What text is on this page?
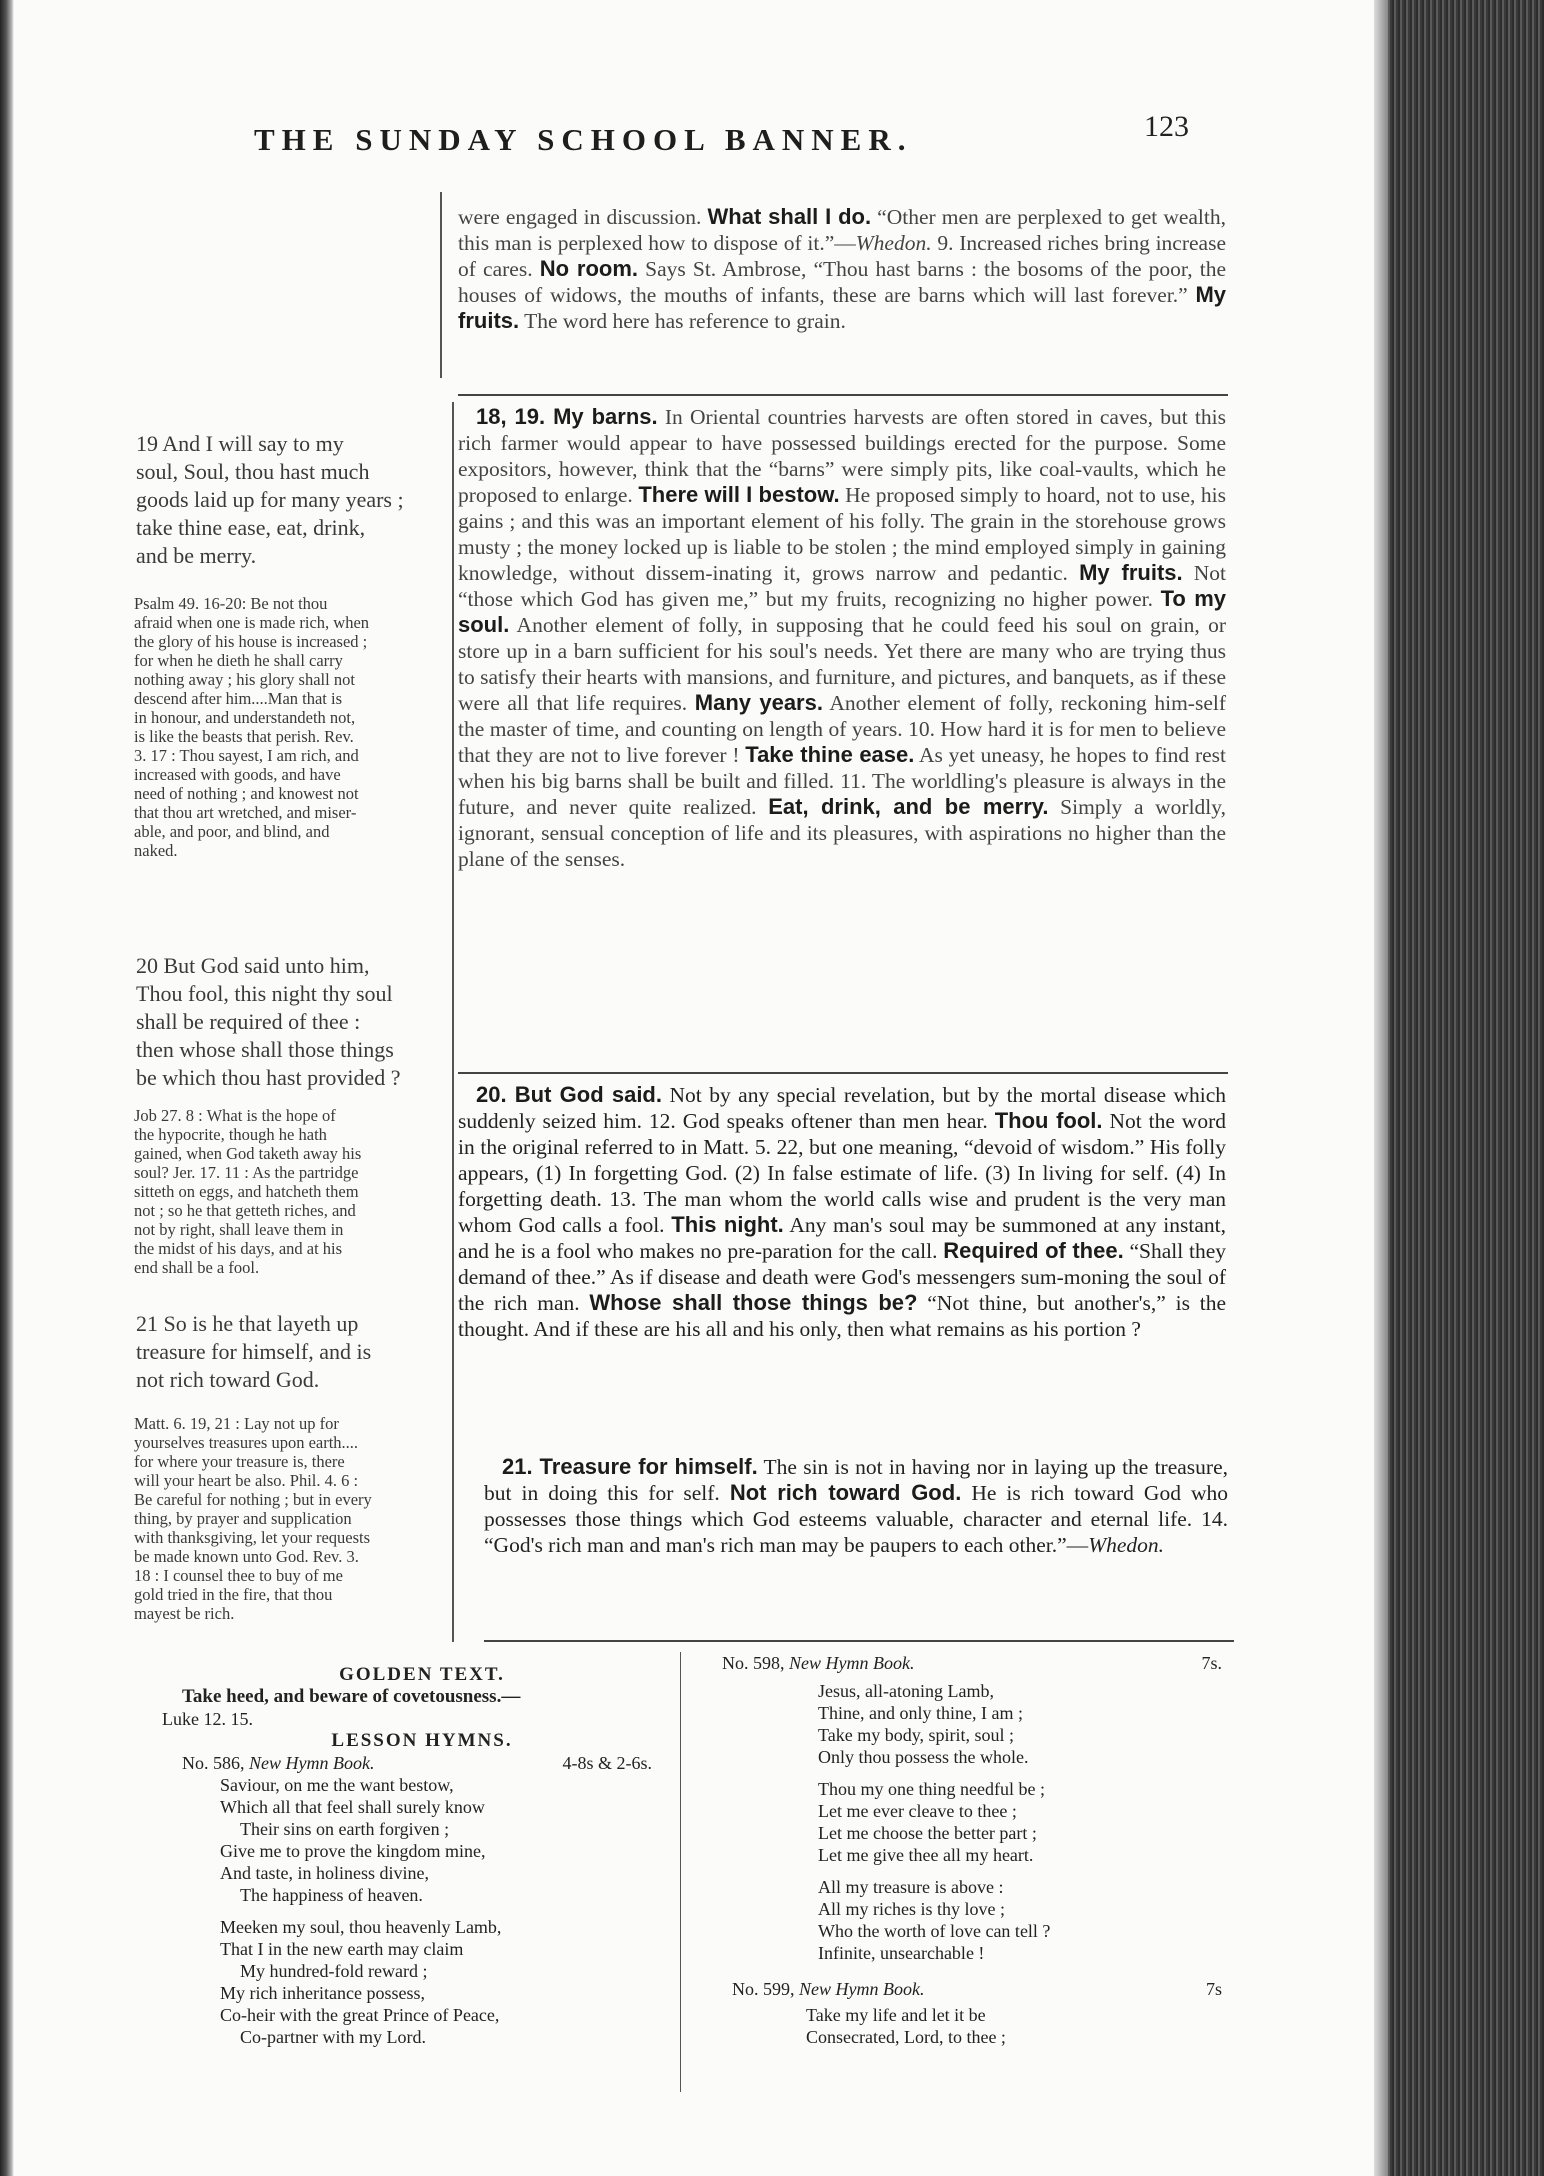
THE SUNDAY SCHOOL BANNER.	123
19 And I will say to my
soul, Soul, thou hast much
goods laid up for many years ;
take thine ease, eat, drink,
and be merry.
Psalm 49. 16-20: Be not thou
afraid when one is made rich, when
the glory of his house is increased ;
for when he dieth he shall carry
nothing away ; his glory shall not
descend after him....Man that is
in honour, and understandeth not,
is like the beasts that perish. Rev.
3. 17 : Thou sayest, I am rich, and
increased with goods, and have
need of nothing ; and knowest not
that thou art wretched, and miser-
able, and poor, and blind, and
naked.
20 But God said unto him,
Thou fool, this night thy soul
shall be required of thee :
then whose shall those things
be which thou hast provided ?
Job 27. 8 : What is the hope of
the hypocrite, though he hath
gained, when God taketh away his
soul? Jer. 17. 11 : As the partridge
sitteth on eggs, and hatcheth them
not ; so he that getteth riches, and
not by right, shall leave them in
the midst of his days, and at his
end shall be a fool.
21 So is he that layeth up
treasure for himself, and is
not rich toward God.
Matt. 6. 19, 21 : Lay not up for
yourselves treasures upon earth....
for where your treasure is, there
will your heart be also. Phil. 4. 6 :
Be careful for nothing ; but in every
thing, by prayer and supplication
with thanksgiving, let your requests
be made known unto God. Rev. 3.
18 : I counsel thee to buy of me
gold tried in the fire, that thou
mayest be rich.

were engaged in discussion. What shall I do. “Other men are perplexed to get wealth, this man is perplexed how to dispose of it.”—Whedon. 9. Increased riches bring increase of cares. No room. Says St. Ambrose, “Thou hast barns : the bosoms of the poor, the houses of widows, the mouths of infants, these are barns which will last forever.” My fruits. The word here has reference to grain.

18, 19. My barns. In Oriental countries harvests are often stored in caves, but this rich farmer would appear to have possessed buildings erected for the purpose. Some expositors, however, think that the “barns” were simply pits, like coal-vaults, which he proposed to enlarge. There will I bestow. He proposed simply to hoard, not to use, his gains ; and this was an important element of his folly. The grain in the storehouse grows musty ; the money locked up is liable to be stolen ; the mind employed simply in gaining knowledge, without dissem-inating it, grows narrow and pedantic. My fruits. Not “those which God has given me,” but my fruits, recognizing no higher power. To my soul. Another element of folly, in supposing that he could feed his soul on grain, or store up in a barn sufficient for his soul's needs. Yet there are many who are trying thus to satisfy their hearts with mansions, and furniture, and pictures, and banquets, as if these were all that life requires. Many years. Another element of folly, reckoning him-self the master of time, and counting on length of years. 10. How hard it is for men to believe that they are not to live forever ! Take thine ease. As yet uneasy, he hopes to find rest when his big barns shall be built and filled. 11. The worldling's pleasure is always in the future, and never quite realized. Eat, drink, and be merry. Simply a worldly, ignorant, sensual conception of life and its pleasures, with aspirations no higher than the plane of the senses.

20. But God said. Not by any special revelation, but by the mortal disease which suddenly seized him. 12. God speaks oftener than men hear. Thou fool. Not the word in the original referred to in Matt. 5. 22, but one meaning, “devoid of wisdom.” His folly appears, (1) In forgetting God. (2) In false estimate of life. (3) In living for self. (4) In forgetting death. 13. The man whom the world calls wise and prudent is the very man whom God calls a fool. This night. Any man's soul may be summoned at any instant, and he is a fool who makes no pre-paration for the call. Required of thee. “Shall they demand of thee.” As if disease and death were God's messengers sum-moning the soul of the rich man. Whose shall those things be? “Not thine, but another's,” is the thought. And if these are his all and his only, then what remains as his portion ?

21. Treasure for himself. The sin is not in having nor in laying up the treasure, but in doing this for self. Not rich toward God. He is rich toward God who possesses those things which God esteems valuable, character and eternal life. 14. “God's rich man and man's rich man may be paupers to each other.”—Whedon.

GOLDEN TEXT.
Take heed, and beware of covetousness.—
Luke 12. 15.
LESSON HYMNS.
No. 586, New Hymn Book.	4-8s & 2-6s.
Saviour, on me the want bestow,
Which all that feel shall surely know
Their sins on earth forgiven ;
Give me to prove the kingdom mine,
And taste, in holiness divine,
The happiness of heaven.
Meeken my soul, thou heavenly Lamb,
That I in the new earth may claim
My hundred-fold reward ;
My rich inheritance possess,
Co-heir with the great Prince of Peace,
Co-partner with my Lord.
No. 598, New Hymn Book.	7s.
Jesus, all-atoning Lamb,
Thine, and only thine, I am ;
Take my body, spirit, soul ;
Only thou possess the whole.
Thou my one thing needful be ;
Let me ever cleave to thee ;
Let me choose the better part ;
Let me give thee all my heart.
All my treasure is above :
All my riches is thy love ;
Who the worth of love can tell ?
Infinite, unsearchable !
No. 599, New Hymn Book.	7s
Take my life and let it be
Consecrated, Lord, to thee ;
